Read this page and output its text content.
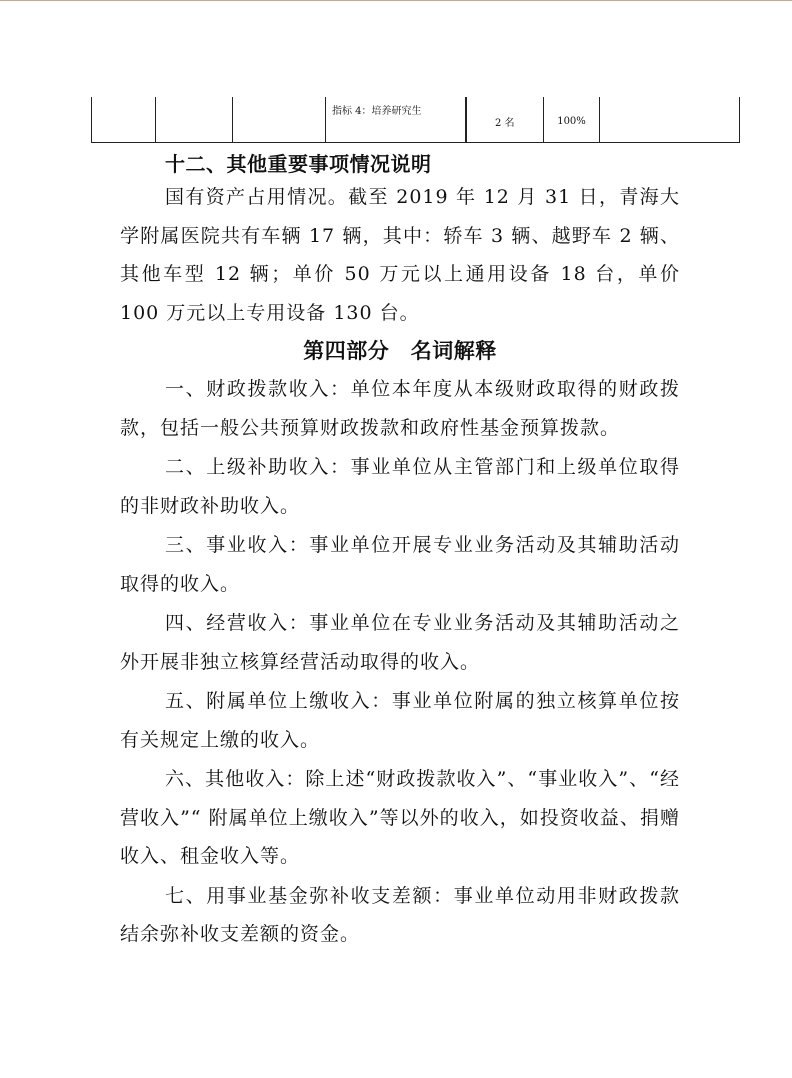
			指标 4：培养研究生	2 名	100%	
十二、其他重要事项情况说明

国有资产占用情况。截至 2019 年 12 月 31 日，青海大学附属医院共有车辆 17 辆，其中：轿车 3 辆、越野车 2 辆、其他车型 12 辆；单价 50 万元以上通用设备 18 台，单价 100 万元以上专用设备 130 台。

第四部分　名词解释

一、财政拨款收入：单位本年度从本级财政取得的财政拨款，包括一般公共预算财政拨款和政府性基金预算拨款。

二、上级补助收入：事业单位从主管部门和上级单位取得的非财政补助收入。

三、事业收入：事业单位开展专业业务活动及其辅助活动取得的收入。

四、经营收入：事业单位在专业业务活动及其辅助活动之外开展非独立核算经营活动取得的收入。

五、附属单位上缴收入：事业单位附属的独立核算单位按有关规定上缴的收入。

六、其他收入：除上述“财政拨款收入”、“事业收入”、“经营收入”“ 附属单位上缴收入”等以外的收入，如投资收益、捐赠收入、租金收入等。

七、用事业基金弥补收支差额：事业单位动用非财政拨款结余弥补收支差额的资金。
